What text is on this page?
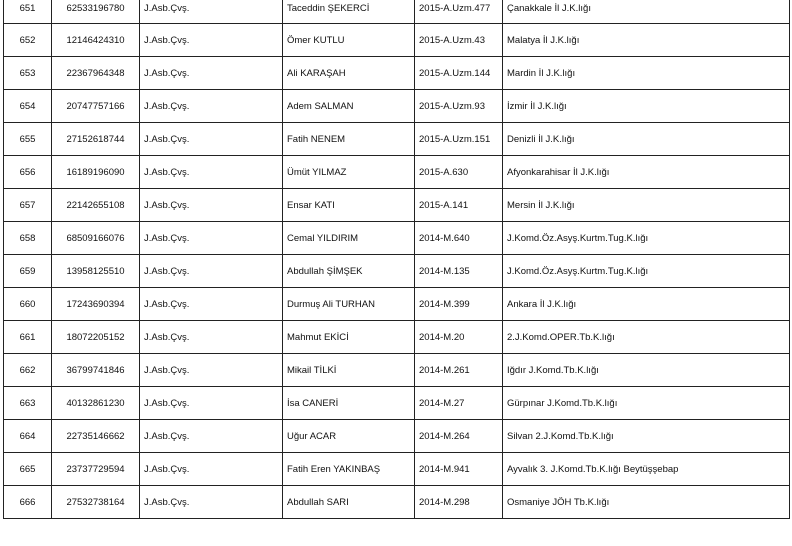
651	62533196780	J.Asb.Çvş.	Taceddin ŞEKERCİ	2015-A.Uzm.477	Çanakkale İl J.K.lığı
652	12146424310	J.Asb.Çvş.	Ömer KUTLU	2015-A.Uzm.43	Malatya İl J.K.lığı
653	22367964348	J.Asb.Çvş.	Ali KARAŞAH	2015-A.Uzm.144	Mardin İl J.K.lığı
654	20747757166	J.Asb.Çvş.	Adem SALMAN	2015-A.Uzm.93	İzmir İl J.K.lığı
655	27152618744	J.Asb.Çvş.	Fatih NENEM	2015-A.Uzm.151	Denizli İl J.K.lığı
656	16189196090	J.Asb.Çvş.	Ümüt YILMAZ	2015-A.630	Afyonkarahisar İl J.K.lığı
657	22142655108	J.Asb.Çvş.	Ensar KATI	2015-A.141	Mersin İl J.K.lığı
658	68509166076	J.Asb.Çvş.	Cemal YILDIRIM	2014-M.640	J.Komd.Öz.Asyş.Kurtm.Tug.K.lığı
659	13958125510	J.Asb.Çvş.	Abdullah ŞİMŞEK	2014-M.135	J.Komd.Öz.Asyş.Kurtm.Tug.K.lığı
660	17243690394	J.Asb.Çvş.	Durmuş Ali TURHAN	2014-M.399	Ankara İl J.K.lığı
661	18072205152	J.Asb.Çvş.	Mahmut EKİCİ	2014-M.20	2.J.Komd.OPER.Tb.K.lığı
662	36799741846	J.Asb.Çvş.	Mikail TİLKİ	2014-M.261	Iğdır J.Komd.Tb.K.lığı
663	40132861230	J.Asb.Çvş.	İsa CANERİ	2014-M.27	Gürpınar J.Komd.Tb.K.lığı
664	22735146662	J.Asb.Çvş.	Uğur ACAR	2014-M.264	Silvan 2.J.Komd.Tb.K.lığı
665	23737729594	J.Asb.Çvş.	Fatih Eren YAKINBAŞ	2014-M.941	Ayvalık 3. J.Komd.Tb.K.lığı Beytüşşebap
666	27532738164	J.Asb.Çvş.	Abdullah SARI	2014-M.298	Osmaniye JÖH Tb.K.lığı
